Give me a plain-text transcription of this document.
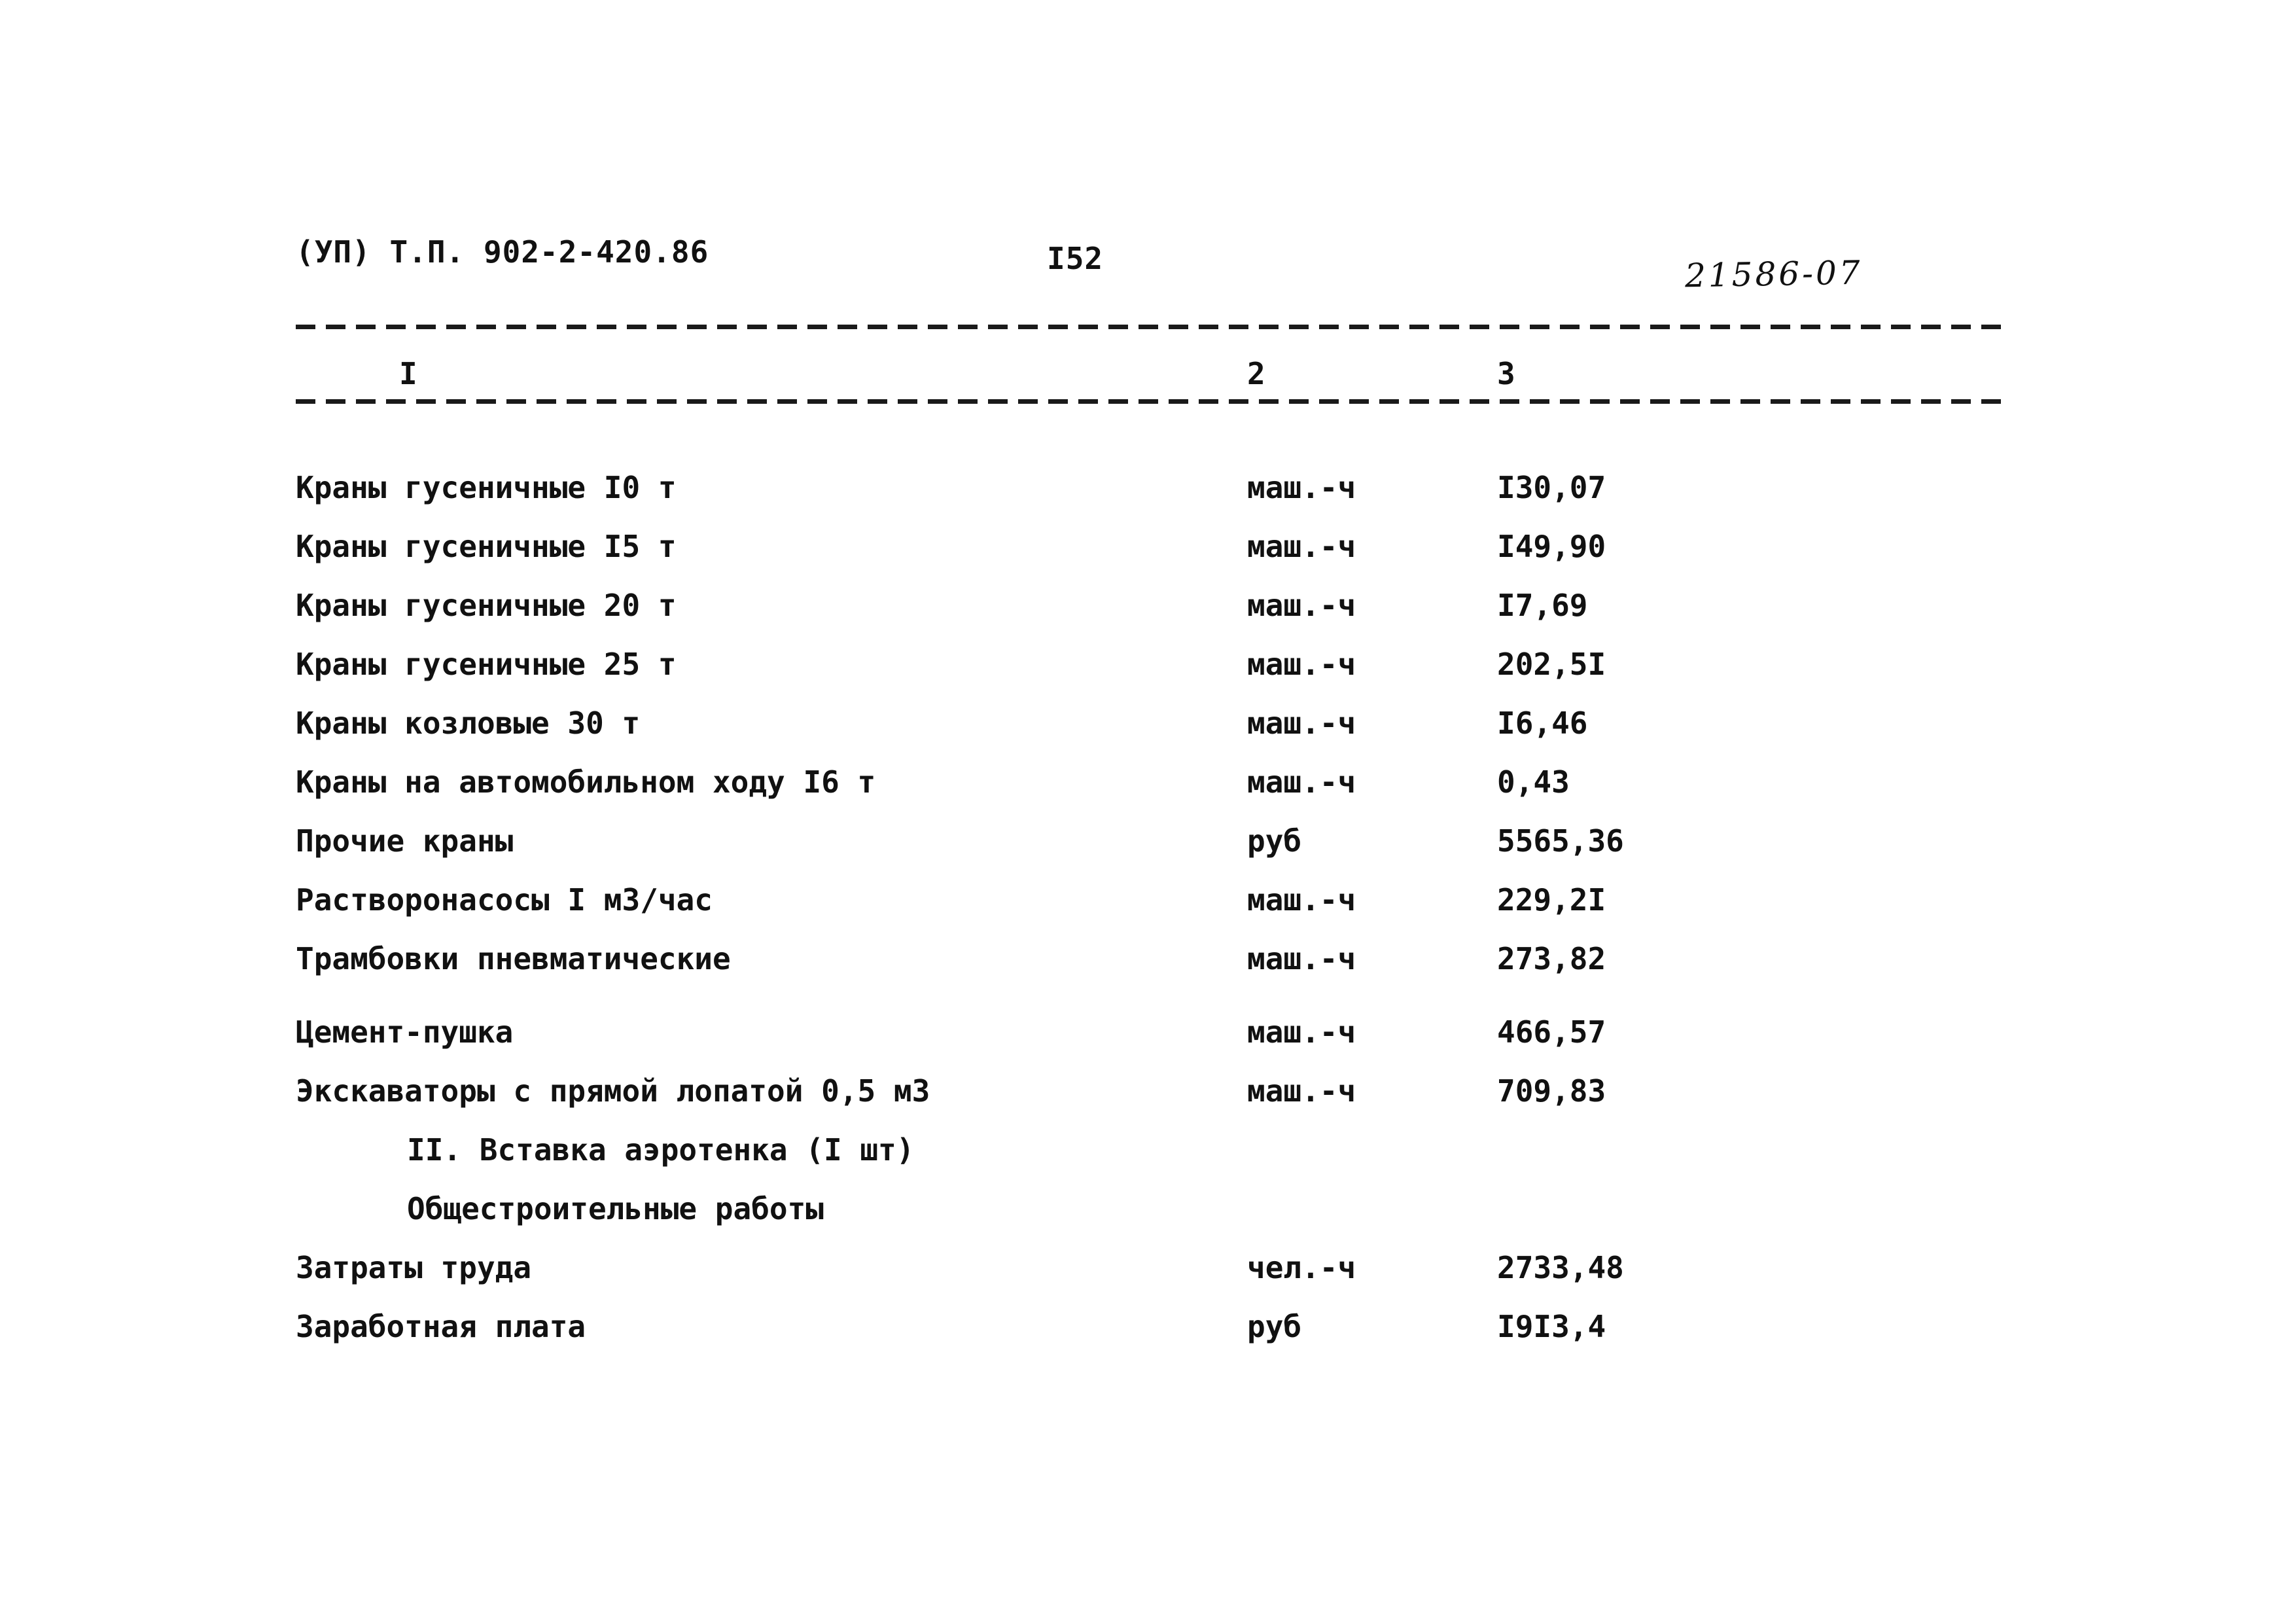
(УП) Т.П. 902-2-420.86	I52	21586-07
I	2	3
Краны гусеничные I0 т	маш.-ч	I30,07
Краны гусеничные I5 т	маш.-ч	I49,90
Краны гусеничные 20 т	маш.-ч	I7,69
Краны гусеничные 25 т	маш.-ч	202,5I
Краны козловые 30 т	маш.-ч	I6,46
Краны на автомобильном ходу I6 т	маш.-ч	0,43
Прочие краны	руб	5565,36
Растворонасосы I м3/час	маш.-ч	229,2I
Трамбовки пневматические	маш.-ч	273,82
Цемент-пушка	маш.-ч	466,57
Экскаваторы с прямой лопатой 0,5 м3	маш.-ч	709,83
II. Вставка аэротенка (I шт)
Общестроительные работы
Затраты труда	чел.-ч	2733,48
Заработная плата	руб	I9I3,4
